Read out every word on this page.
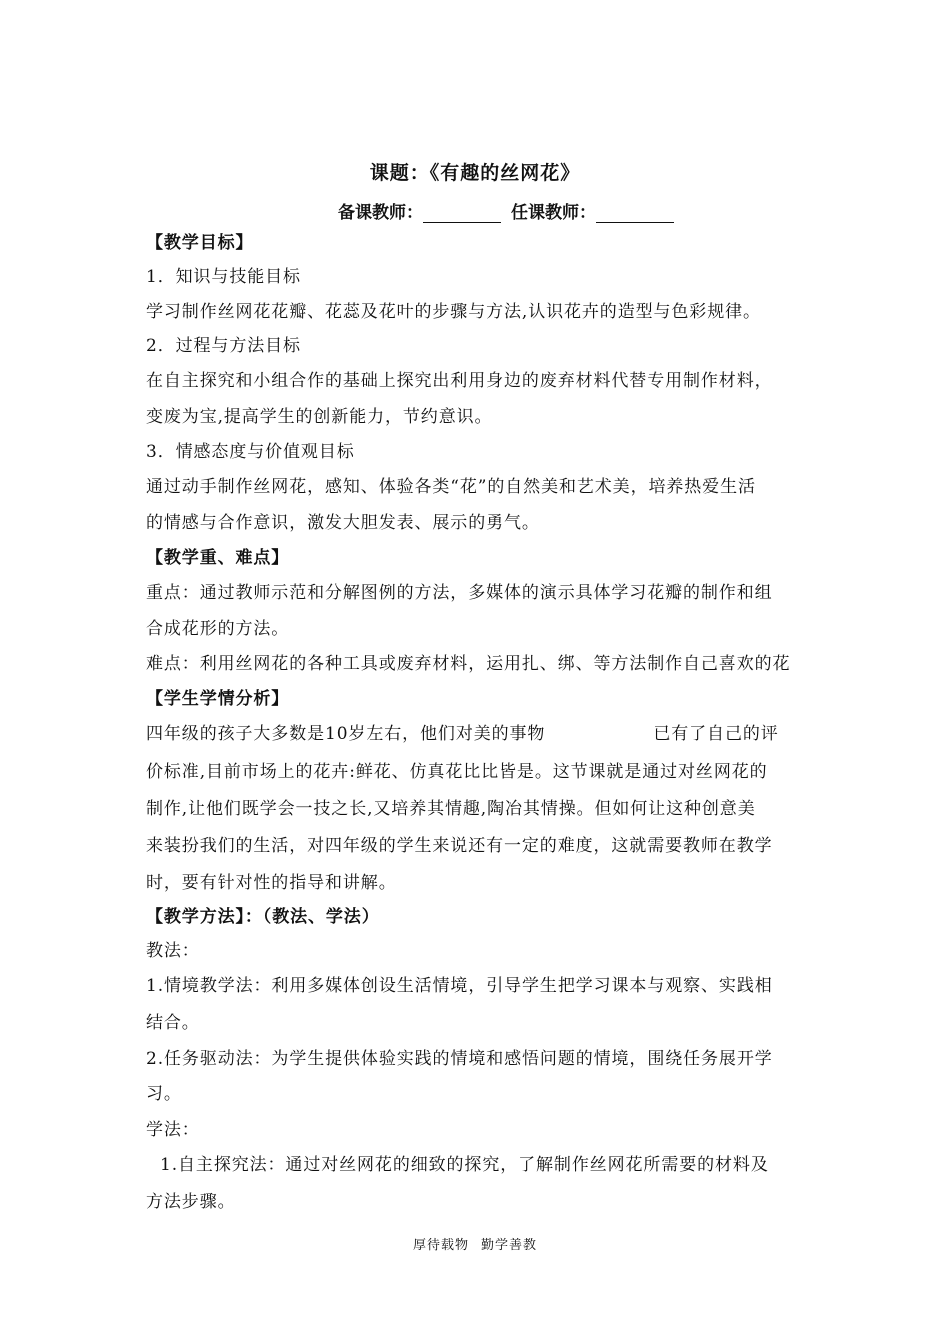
课题：《有趣的丝网花》
备课教师：	任课教师：
【教学目标】
1．知识与技能目标
学习制作丝网花花瓣、花蕊及花叶的步骤与方法,认识花卉的造型与色彩规律。
2．过程与方法目标
在自主探究和小组合作的基础上探究出利用身边的废弃材料代替专用制作材料，
变废为宝,提高学生的创新能力，节约意识。
3．情感态度与价值观目标
通过动手制作丝网花，感知、体验各类“花”的自然美和艺术美，培养热爱生活
的情感与合作意识，激发大胆发表、展示的勇气。
【教学重、难点】
重点：通过教师示范和分解图例的方法，多媒体的演示具体学习花瓣的制作和组
合成花形的方法。
难点：利用丝网花的各种工具或废弃材料，运用扎、绑、等方法制作自己喜欢的花
【学生学情分析】
四年级的孩子大多数是10岁左右，他们对美的事物	已有了自己的评
价标准,目前市场上的花卉:鲜花、仿真花比比皆是。这节课就是通过对丝网花的
制作,让他们既学会一技之长,又培养其情趣,陶冶其情操。但如何让这种创意美
来装扮我们的生活，对四年级的学生来说还有一定的难度，这就需要教师在教学
时，要有针对性的指导和讲解。
【教学方法】：（教法、学法）
教法：
1.情境教学法：利用多媒体创设生活情境，引导学生把学习课本与观察、实践相
结合。
2.任务驱动法：为学生提供体验实践的情境和感悟问题的情境，围绕任务展开学
习。
学法：
1.自主探究法：通过对丝网花的细致的探究，了解制作丝网花所需要的材料及
方法步骤。
厚待载物 勤学善教
